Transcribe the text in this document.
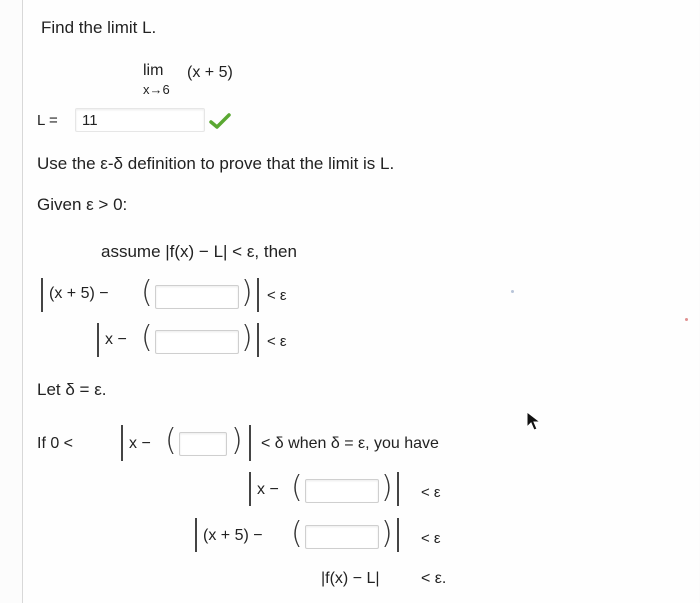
Find the limit L.
lim
x→6
(x + 5)
L =	11
Use the ε-δ definition to prove that the limit is L.
Given ε > 0:
assume |f(x) − L| < ε, then
(x + 5) − (	) < ε
x − (	) < ε
Let δ = ε.
If 0 <	x − ( ) < δ when δ = ε, you have
x − (	) < ε
(x + 5) − (	) < ε
|f(x) − L|	< ε.
